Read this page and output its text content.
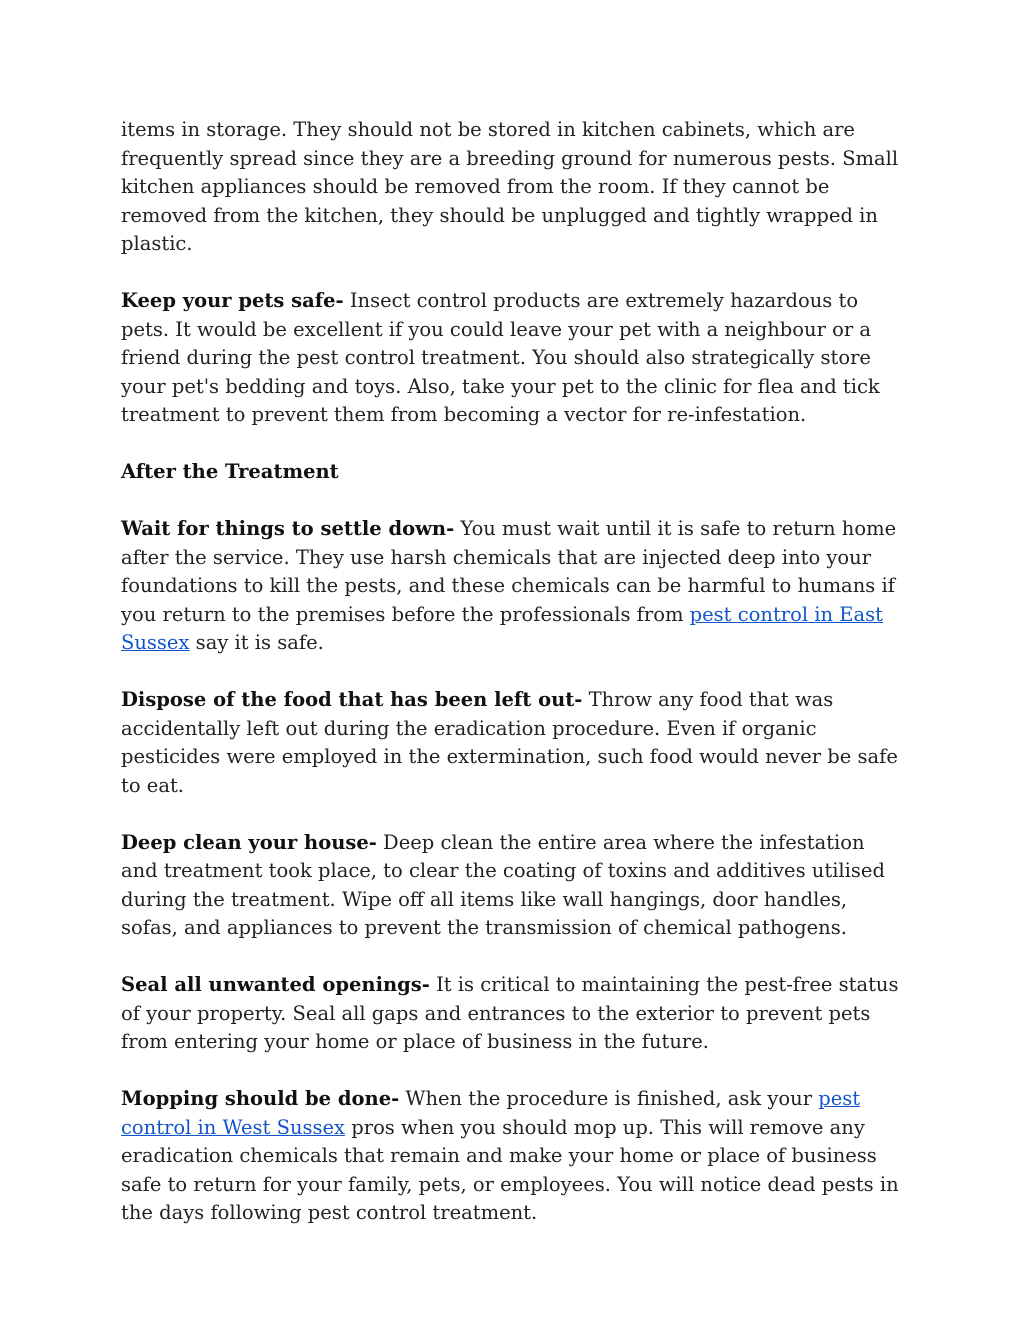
items in storage. They should not be stored in kitchen cabinets, which are frequently spread since they are a breeding ground for numerous pests. Small kitchen appliances should be removed from the room. If they cannot be removed from the kitchen, they should be unplugged and tightly wrapped in plastic.

Keep your pets safe- Insect control products are extremely hazardous to pets. It would be excellent if you could leave your pet with a neighbour or a friend during the pest control treatment. You should also strategically store your pet's bedding and toys. Also, take your pet to the clinic for flea and tick treatment to prevent them from becoming a vector for re-infestation.

After the Treatment

Wait for things to settle down- You must wait until it is safe to return home after the service. They use harsh chemicals that are injected deep into your foundations to kill the pests, and these chemicals can be harmful to humans if you return to the premises before the professionals from pest control in East Sussex say it is safe.

Dispose of the food that has been left out- Throw any food that was accidentally left out during the eradication procedure. Even if organic pesticides were employed in the extermination, such food would never be safe to eat.

Deep clean your house- Deep clean the entire area where the infestation and treatment took place, to clear the coating of toxins and additives utilised during the treatment. Wipe off all items like wall hangings, door handles, sofas, and appliances to prevent the transmission of chemical pathogens.

Seal all unwanted openings- It is critical to maintaining the pest-free status of your property. Seal all gaps and entrances to the exterior to prevent pets from entering your home or place of business in the future.

Mopping should be done- When the procedure is finished, ask your pest control in West Sussex pros when you should mop up. This will remove any eradication chemicals that remain and make your home or place of business safe to return for your family, pets, or employees. You will notice dead pests in the days following pest control treatment.
